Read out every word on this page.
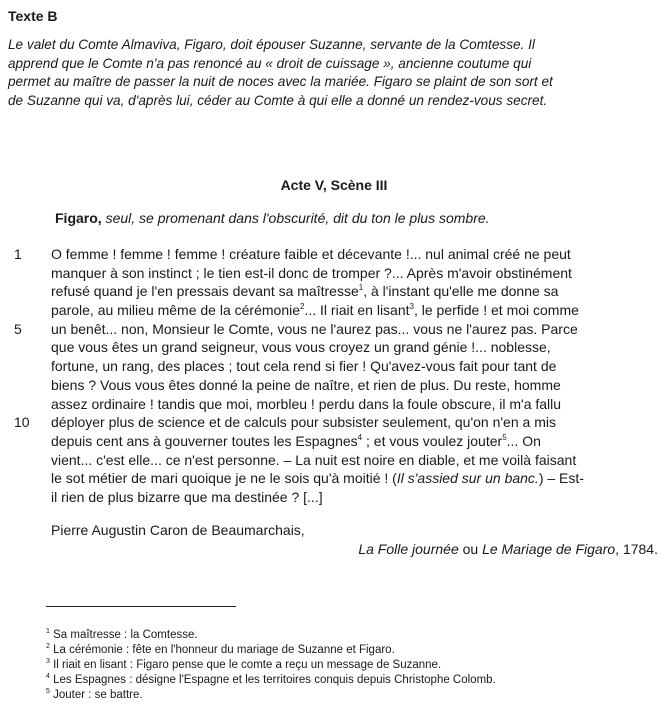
Texte B
Le valet du Comte Almaviva, Figaro, doit épouser Suzanne, servante de la Comtesse. Il
apprend que le Comte n'a pas renoncé au « droit de cuissage », ancienne coutume qui
permet au maître de passer la nuit de noces avec la mariée. Figaro se plaint de son sort et
de Suzanne qui va, d'après lui, céder au Comte à qui elle a donné un rendez-vous secret.
Acte V, Scène III
Figaro, seul, se promenant dans l'obscurité, dit du ton le plus sombre.
1	O femme ! femme ! femme ! créature faible et décevante !... nul animal créé ne peut
manquer à son instinct ; le tien est-il donc de tromper ?... Après m'avoir obstinément
refusé quand je l'en pressais devant sa maîtresse$^1$, à l'instant qu'elle me donne sa
parole, au milieu même de la cérémonie$^2$... Il riait en lisant$^3$, le perfide ! et moi comme
5	un benêt... non, Monsieur le Comte, vous ne l'aurez pas... vous ne l'aurez pas. Parce
que vous êtes un grand seigneur, vous vous croyez un grand génie !... noblesse,
fortune, un rang, des places ; tout cela rend si fier ! Qu'avez-vous fait pour tant de
biens ? Vous vous êtes donné la peine de naître, et rien de plus. Du reste, homme
assez ordinaire ! tandis que moi, morbleu ! perdu dans la foule obscure, il m'a fallu
10 déployer plus de science et de calculs pour subsister seulement, qu'on n'en a mis
depuis cent ans à gouverner toutes les Espagnes$^4$ ; et vous voulez jouter$^5$... On
vient... c'est elle... ce n'est personne. – La nuit est noire en diable, et me voilà faisant
le sot métier de mari quoique je ne le sois qu'à moitié ! (Il s'assied sur un banc.) – Est-
il rien de plus bizarre que ma destinée ? [...]
Pierre Augustin Caron de Beaumarchais,
La Folle journée ou Le Mariage de Figaro, 1784.
$^1$ Sa maîtresse : la Comtesse.
$^2$ La cérémonie : fête en l'honneur du mariage de Suzanne et Figaro.
$^3$ Il riait en lisant : Figaro pense que le comte a reçu un message de Suzanne.
$^4$ Les Espagnes : désigne l'Espagne et les territoires conquis depuis Christophe Colomb.
$^5$ Jouter : se battre.
